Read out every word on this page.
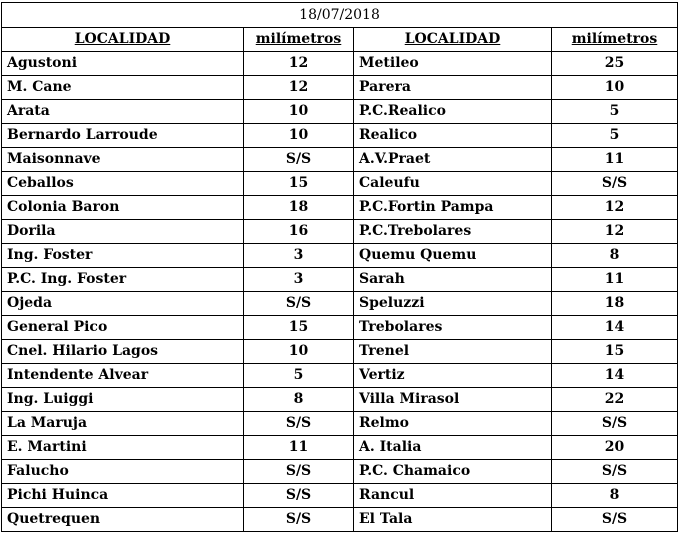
18/07/2018			
LOCALIDAD	milímetros	LOCALIDAD	milímetros
Agustoni	12	Metileo	25
M. Cane	12	Parera	10
Arata	10	P.C.Realico	5
Bernardo Larroude	10	Realico	5
Maisonnave	S/S	A.V.Praet	11
Ceballos	15	Caleufu	S/S
Colonia Baron	18	P.C.Fortin Pampa	12
Dorila	16	P.C.Trebolares	12
Ing. Foster	3	Quemu Quemu	8
P.C. Ing. Foster	3	Sarah	11
Ojeda	S/S	Speluzzi	18
General Pico	15	Trebolares	14
Cnel. Hilario Lagos	10	Trenel	15
Intendente Alvear	5	Vertiz	14
Ing. Luiggi	8	Villa Mirasol	22
La Maruja	S/S	Relmo	S/S
E. Martini	11	A. Italia	20
Falucho	S/S	P.C. Chamaico	S/S
Pichi Huinca	S/S	Rancul	8
Quetrequen	S/S	El Tala	S/S
